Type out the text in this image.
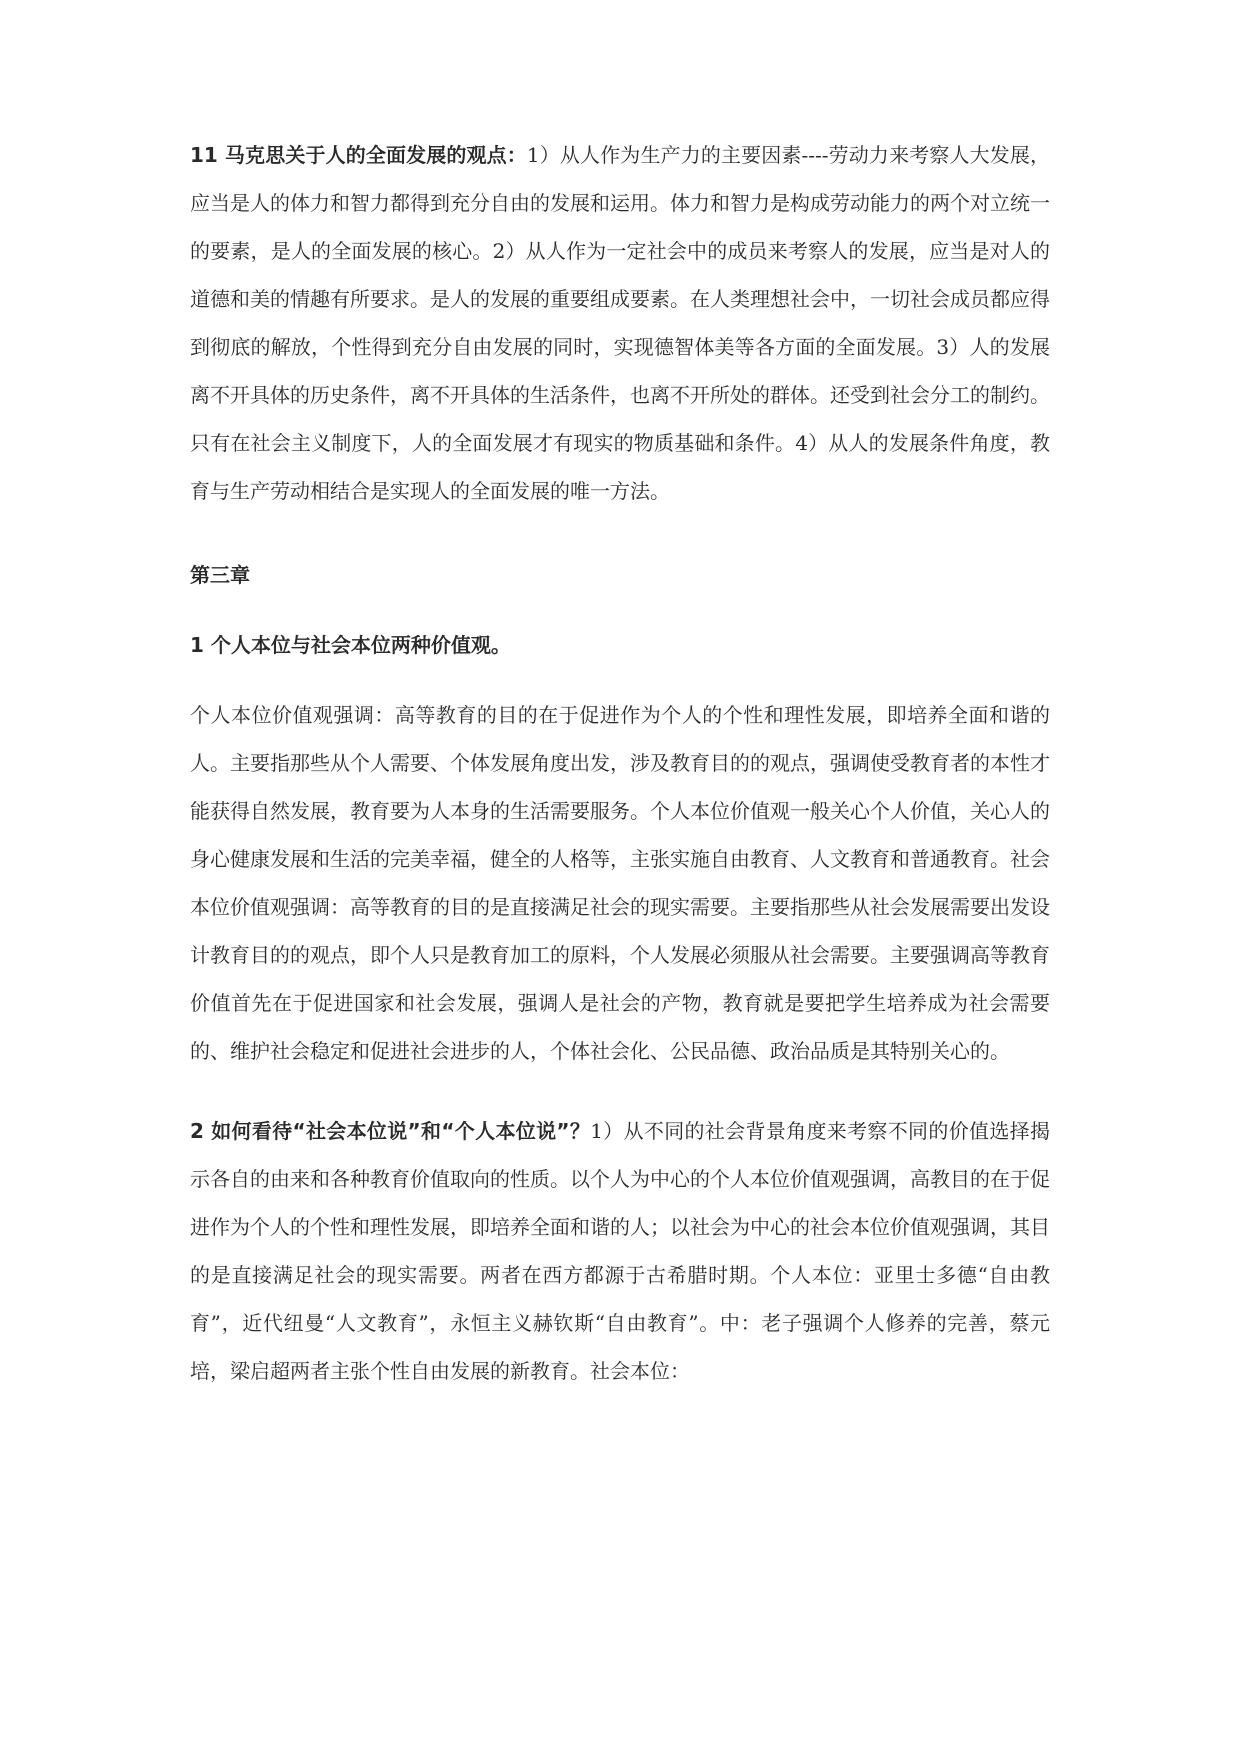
11 马克思关于人的全面发展的观点：1）从人作为生产力的主要因素----劳动力来考察人大发展，应当是人的体力和智力都得到充分自由的发展和运用。体力和智力是构成劳动能力的两个对立统一的要素，是人的全面发展的核心。2）从人作为一定社会中的成员来考察人的发展，应当是对人的道德和美的情趣有所要求。是人的发展的重要组成要素。在人类理想社会中，一切社会成员都应得到彻底的解放，个性得到充分自由发展的同时，实现德智体美等各方面的全面发展。3）人的发展离不开具体的历史条件，离不开具体的生活条件，也离不开所处的群体。还受到社会分工的制约。只有在社会主义制度下，人的全面发展才有现实的物质基础和条件。4）从人的发展条件角度，教育与生产劳动相结合是实现人的全面发展的唯一方法。

第三章

1 个人本位与社会本位两种价值观。

个人本位价值观强调：高等教育的目的在于促进作为个人的个性和理性发展，即培养全面和谐的人。主要指那些从个人需要、个体发展角度出发，涉及教育目的的观点，强调使受教育者的本性才能获得自然发展，教育要为人本身的生活需要服务。个人本位价值观一般关心个人价值，关心人的身心健康发展和生活的完美幸福，健全的人格等，主张实施自由教育、人文教育和普通教育。社会本位价值观强调：高等教育的目的是直接满足社会的现实需要。主要指那些从社会发展需要出发设计教育目的的观点，即个人只是教育加工的原料，个人发展必须服从社会需要。主要强调高等教育价值首先在于促进国家和社会发展，强调人是社会的产物，教育就是要把学生培养成为社会需要的、维护社会稳定和促进社会进步的人，个体社会化、公民品德、政治品质是其特别关心的。

2 如何看待“社会本位说”和“个人本位说”？1）从不同的社会背景角度来考察不同的价值选择揭示各自的由来和各种教育价值取向的性质。以个人为中心的个人本位价值观强调，高教目的在于促进作为个人的个性和理性发展，即培养全面和谐的人；以社会为中心的社会本位价值观强调，其目的是直接满足社会的现实需要。两者在西方都源于古希腊时期。个人本位：亚里士多德“自由教育”，近代纽曼“人文教育”，永恒主义赫钦斯“自由教育”。中：老子强调个人修养的完善，蔡元培，梁启超两者主张个性自由发展的新教育。社会本位：
